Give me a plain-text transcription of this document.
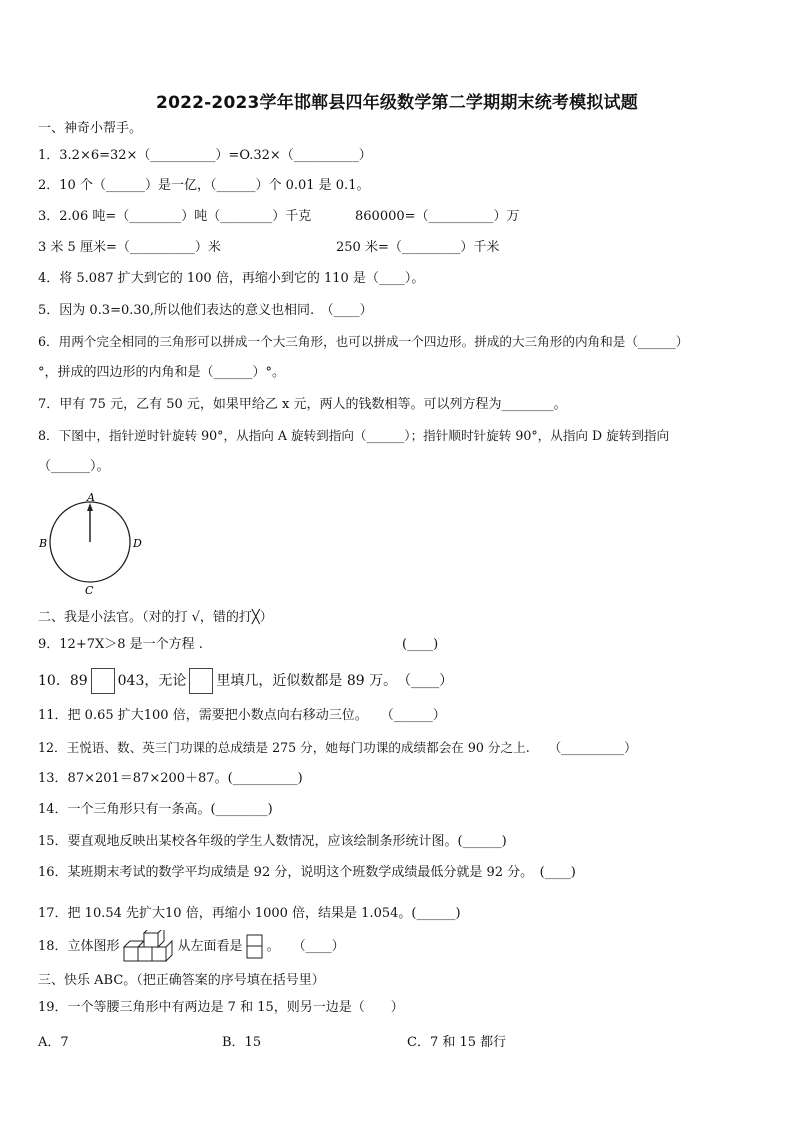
2022-2023学年邯郸县四年级数学第二学期期末统考模拟试题
一、神奇小帮手。
1．3.2×6=32×（__________）=O.32×（__________）
2．10 个（______）是一亿，（______）个 0.01 是 0.1。
3．2.06 吨=（________）吨（________）千克	860000=（__________）万
3 米 5 厘米=（__________）米	250 米=（_________）千米
4．将 5.087 扩大到它的 100 倍，再缩小到它的 110 是（____）。
5．因为 0.3=0.30,所以他们表达的意义也相同.　（____）
6．用两个完全相同的三角形可以拼成一个大三角形，也可以拼成一个四边形。拼成的大三角形的内角和是（______）
°，拼成的四边形的内角和是（______）°。
7．甲有 75 元，乙有 50 元，如果甲给乙 x 元，两人的钱数相等。可以列方程为________。
8．下图中，指针逆时针旋转 90°，从指向 A 旋转到指向（______）；指针顺时针旋转 90°，从指向 D 旋转到指向
（______）。
A
B
C
D
二、我是小法官。（对的打 √，错的打╳）
9．12+7X＞8 是一个方程 .	(____)
10．89 043，无论 里填几，近似数都是 89 万。　（____）
11．把 0.65 扩大100 倍，需要把小数点向右移动三位。　　（______）
12．王悦语、数、英三门功课的总成绩是 275 分，她每门功课的成绩都会在 90 分之上.　　（__________）
13．87×201＝87×200＋87。(__________)
14．一个三角形只有一条高。(________)
15．要直观地反映出某校各年级的学生人数情况，应该绘制条形统计图。(______)
16．某班期末考试的数学平均成绩是 92 分，说明这个班数学成绩最低分就是 92 分。　(____)
17．把 10.54 先扩大10 倍，再缩小 1000 倍，结果是 1.054。(______)
18．立体图形	从左面看是 。　　（____）
三、快乐 ABC。（把正确答案的序号填在括号里）
19．一个等腰三角形中有两边是 7 和 15，则另一边是（　　）
A．7	B．15	C．7 和 15 都行
